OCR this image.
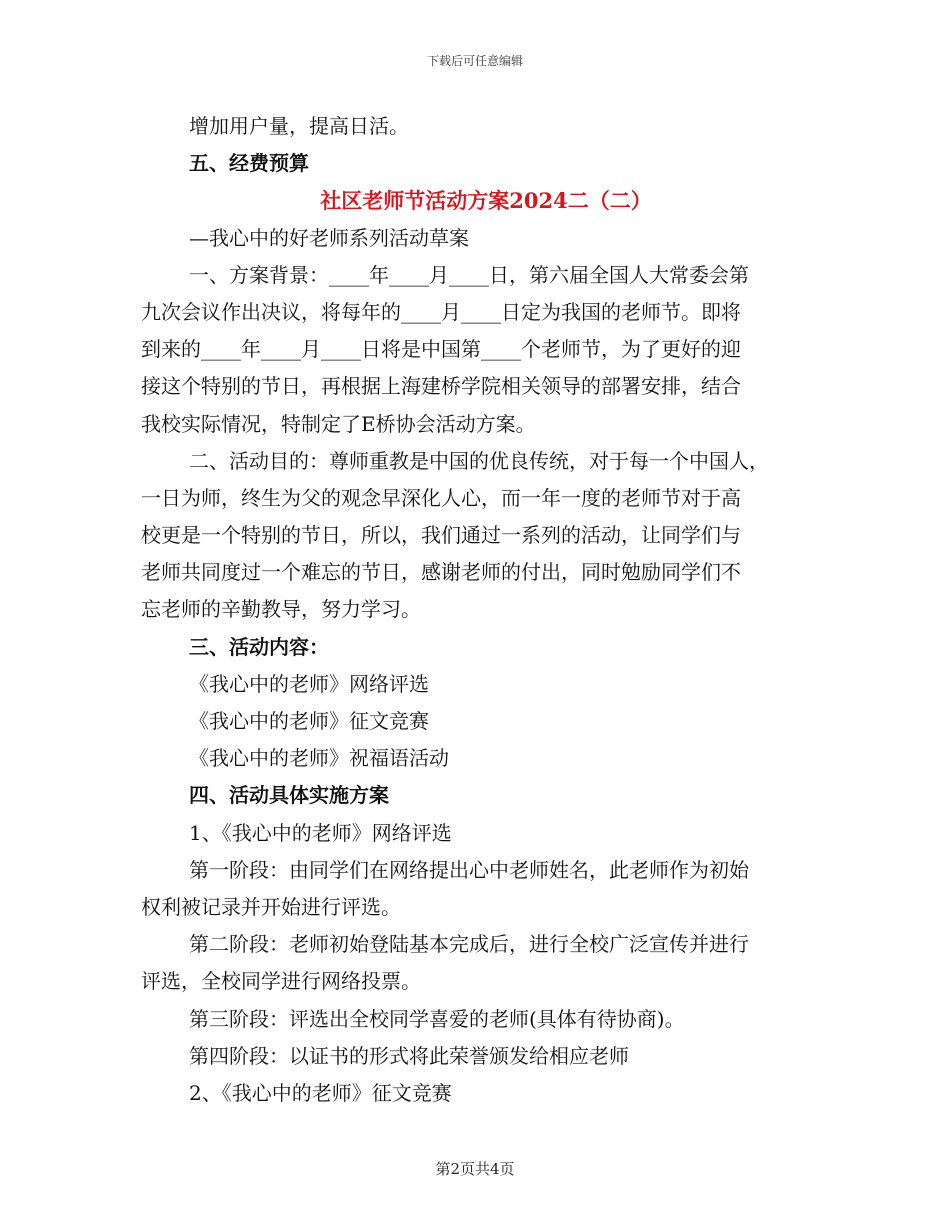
下载后可任意编辑
增加用户量，提高日活。
五、经费预算
社区老师节活动方案2024二（二）
—我心中的好老师系列活动草案
一、方案背景：____年____月____日，第六届全国人大常委会第
九次会议作出决议，将每年的____月____日定为我国的老师节。即将
到来的____年____月____日将是中国第____个老师节，为了更好的迎
接这个特别的节日，再根据上海建桥学院相关领导的部署安排，结合
我校实际情况，特制定了E桥协会活动方案。
二、活动目的：尊师重教是中国的优良传统，对于每一个中国人，
一日为师，终生为父的观念早深化人心，而一年一度的老师节对于高
校更是一个特别的节日，所以，我们通过一系列的活动，让同学们与
老师共同度过一个难忘的节日，感谢老师的付出，同时勉励同学们不
忘老师的辛勤教导，努力学习。
三、活动内容：
《我心中的老师》网络评选
《我心中的老师》征文竞赛
《我心中的老师》祝福语活动
四、活动具体实施方案
1、《我心中的老师》网络评选
第一阶段：由同学们在网络提出心中老师姓名，此老师作为初始
权利被记录并开始进行评选。
第二阶段：老师初始登陆基本完成后，进行全校广泛宣传并进行
评选，全校同学进行网络投票。
第三阶段：评选出全校同学喜爱的老师(具体有待协商)。
第四阶段：以证书的形式将此荣誉颁发给相应老师
2、《我心中的老师》征文竞赛
第2页共4页
